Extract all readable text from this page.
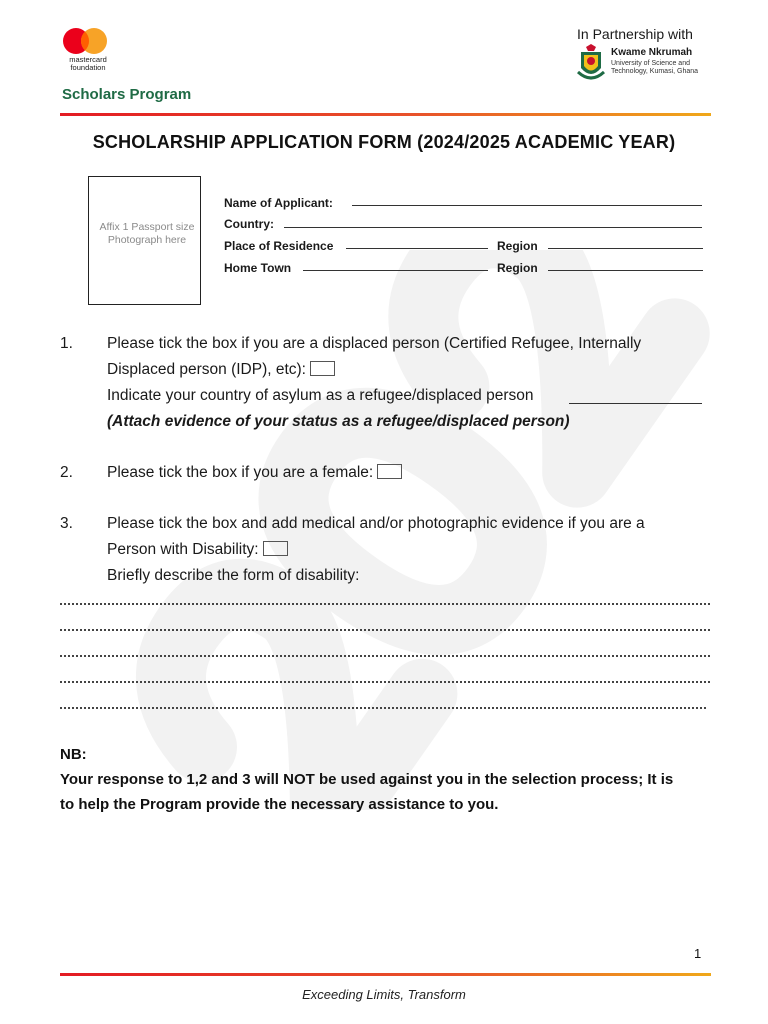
mastercard foundation
Scholars Program
In Partnership with
Kwame Nkrumah
University of Science and Technology, Kumasi, Ghana
SCHOLARSHIP APPLICATION FORM (2024/2025 ACADEMIC YEAR)
Affix 1 Passport size Photograph here
Name of Applicant:
Country:
Place of Residence	Region
Home Town	Region
1. Please tick the box if you are a displaced person (Certified Refugee, Internally
Displaced person (IDP), etc):
Indicate your country of asylum as a refugee/displaced person
(Attach evidence of your status as a refugee/displaced person)
2. Please tick the box if you are a female:
3. Please tick the box and add medical and/or photographic evidence if you are a
Person with Disability:
Briefly describe the form of disability:
NB:
Your response to 1,2 and 3 will NOT be used against you in the selection process; It is
to help the Program provide the necessary assistance to you.
1
Exceeding Limits, Transform
